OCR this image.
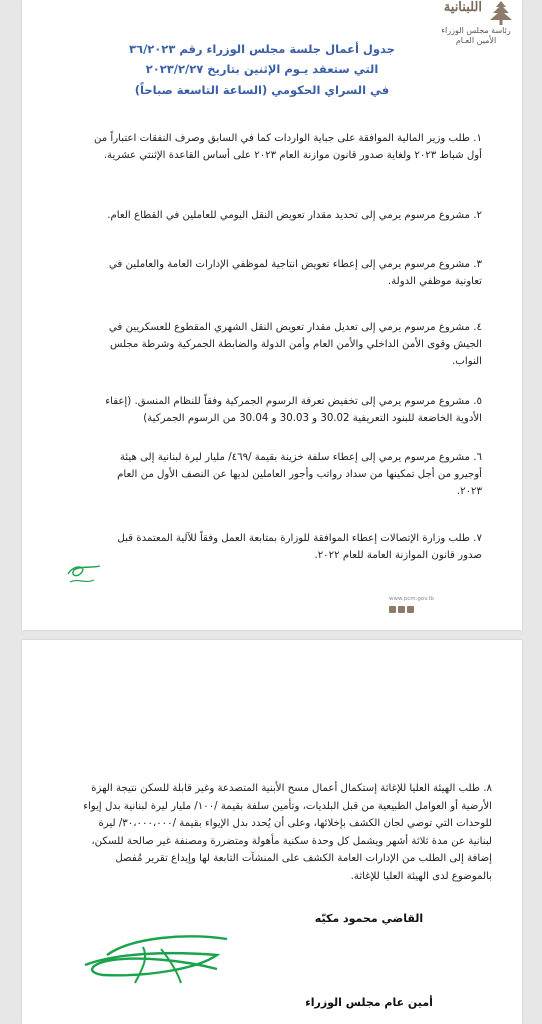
اللبنانية
رئاسة مجلس الوزراء
الأمين العـام
جدول أعمال جلسة مجلس الوزراء رقم ٣٦/٢٠٢٣
التي ستعقد يـوم الإثنين بتاريخ ٢٠٢٣/٢/٢٧
في السراي الحكومي (الساعة التاسعة صباحاً)
١. طلب وزير المالية الموافقة على جباية الواردات كما في السابق وصرف النفقات اعتباراً من أول شباط ٢٠٢٣ ولغاية صدور قانون موازنة العام ٢٠٢٣ على أساس القاعدة الإثنتي عشرية.
٢. مشروع مرسوم يرمي إلى تحديد مقدار تعويض النقل اليومي للعاملين في القطاع العام.
٣. مشروع مرسوم يرمي إلى إعطاء تعويض انتاجية لموظفي الإدارات العامة والعاملين في تعاونية موظفي الدولة.
٤. مشروع مرسوم يرمي إلى تعديل مقدار تعويض النقل الشهري المقطوع للعسكريين في الجيش وقوى الأمن الداخلي والأمن العام وأمن الدولة والضابطة الجمركية وشرطة مجلس النواب.
٥. مشروع مرسوم يرمي إلى تخفيض تعرفة الرسوم الجمركية وفقاً للنظام المنسق. (إعفاء الأدوية الخاضعة للبنود التعريفية 30.02 و 30.03 و 30.04 من الرسوم الجمركية)
٦. مشروع مرسوم يرمي إلى إعطاء سلفة خزينة بقيمة /٤٦٩/ مليار ليرة لبنانية إلى هيئة أوجيرو من أجل تمكينها من سداد رواتب وأجور العاملين لديها عن النصف الأول من العام ٢٠٢٣.
٧. طلب وزارة الإتصالات إعطاء الموافقة للوزارة بمتابعة العمل وفقاً للآلية المعتمدة قبل صدور قانون الموازنة العامة للعام ٢٠٢٢.
www.pcm.gov.lb
٨. طلب الهيئة العليا للإغاثة إستكمال أعمال مسح الأبنية المتصدعة وغير قابلة للسكن نتيجة الهزة الأرضية أو العوامل الطبيعية من قبل البلديات، وتأمين سلفة بقيمة /١٠٠/ مليار ليرة لبنانية بدل إيواء للوحدات التي توصي لجان الكشف بإخلائها، وعلى أن يُحدد بدل الإيواء بقيمة /٣٠،٠٠٠،٠٠٠/ ليرة لبنانية عن مدة ثلاثة أشهر ويشمل كل وحدة سكنية مأهولة ومتضررة ومصنفة غير صالحة للسكن، إضافة إلى الطلب من الإدارات العامة الكشف على المنشآت التابعة لها وإيداع تقرير مُفصل بالموضوع لدى الهيئة العليا للإغاثة.
القاضي محمود مكيّه
أمين عام مجلس الوزراء
